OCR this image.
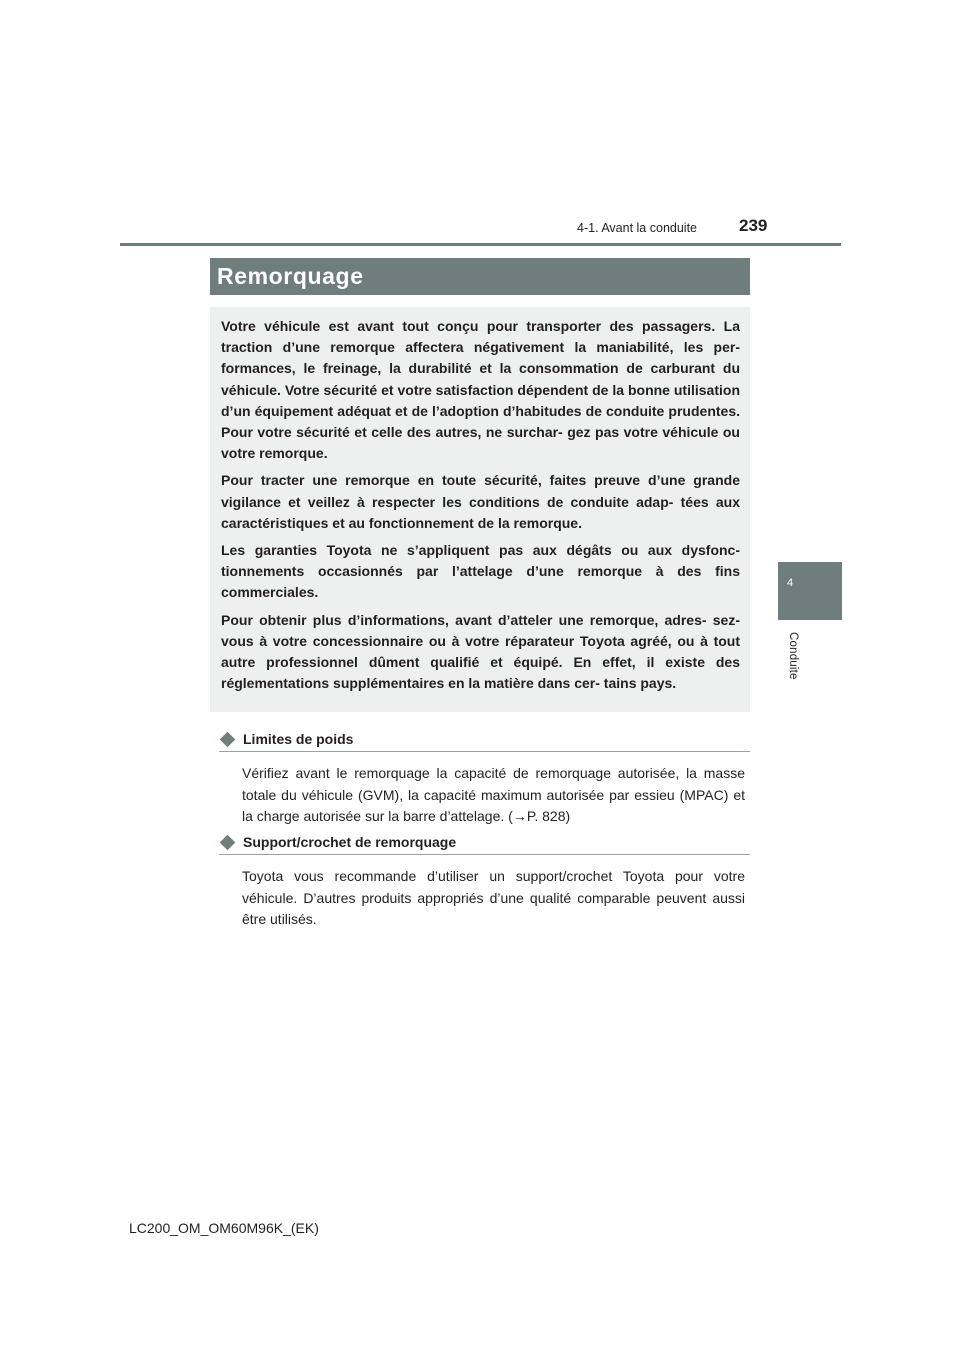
239
4-1. Avant la conduite
4
Conduite
Remorquage

Votre véhicule est avant tout conçu pour transporter des passagers. La traction d’une remorque affectera négativement la maniabilité, les per- formances, le freinage, la durabilité et la consommation de carburant du véhicule. Votre sécurité et votre satisfaction dépendent de la bonne utilisation d’un équipement adéquat et de l’adoption d’habitudes de conduite prudentes. Pour votre sécurité et celle des autres, ne surchar- gez pas votre véhicule ou votre remorque.

Pour tracter une remorque en toute sécurité, faites preuve d’une grande vigilance et veillez à respecter les conditions de conduite adap- tées aux caractéristiques et au fonctionnement de la remorque.

Les garanties Toyota ne s’appliquent pas aux dégâts ou aux dysfonc- tionnements occasionnés par l’attelage d’une remorque à des fins commerciales.

Pour obtenir plus d’informations, avant d’atteler une remorque, adres- sez-vous à votre concessionnaire ou à votre réparateur Toyota agréé, ou à tout autre professionnel dûment qualifié et équipé. En effet, il existe des réglementations supplémentaires en la matière dans cer- tains pays.

Limites de poids
Vérifiez avant le remorquage la capacité de remorquage autorisée, la masse totale du véhicule (GVM), la capacité maximum autorisée par essieu (MPAC) et la charge autorisée sur la barre d’attelage. (→P. 828)
Support/crochet de remorquage
Toyota vous recommande d’utiliser un support/crochet Toyota pour votre véhicule. D’autres produits appropriés d’une qualité comparable peuvent aussi être utilisés.
LC200_OM_OM60M96K_(EK)
